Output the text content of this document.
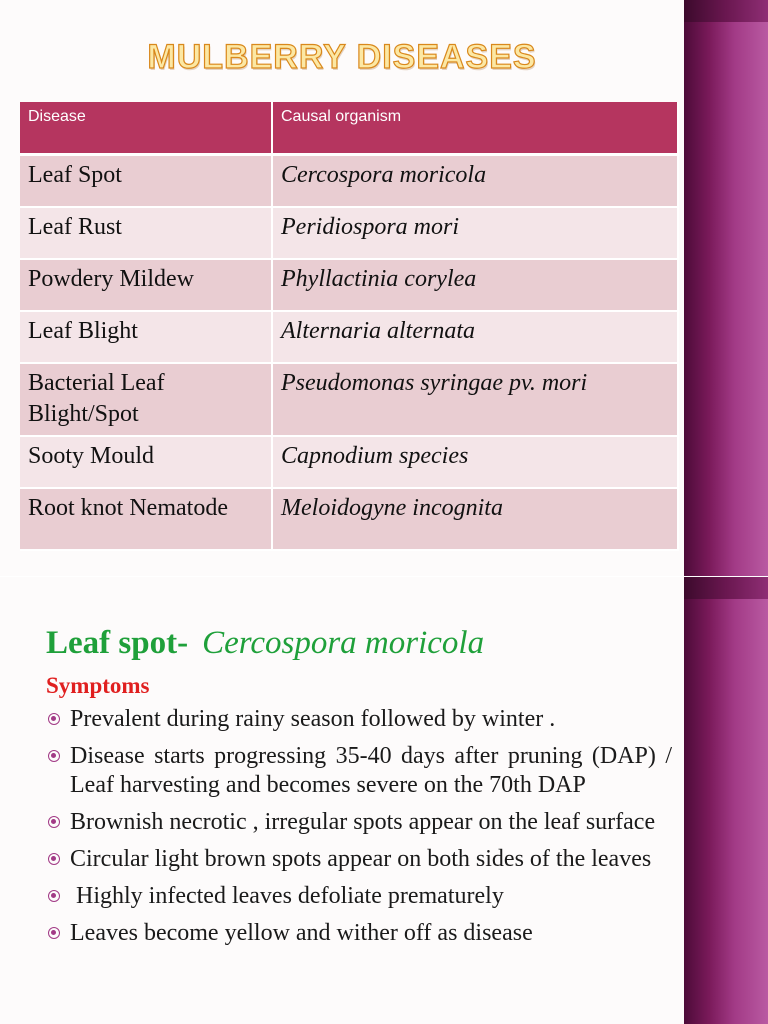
MULBERRY DISEASES
Disease	Causal organism
Leaf Spot	Cercospora moricola
Leaf Rust	Peridiospora mori
Powdery Mildew	Phyllactinia corylea
Leaf Blight	Alternaria alternata
Bacterial Leaf Blight/Spot	Pseudomonas syringae pv. mori
Sooty Mould	Capnodium species
Root knot Nematode	Meloidogyne incognita
Leaf spot- Cercospora moricola
Symptoms
Prevalent during rainy season followed by winter .
Disease starts progressing 35-40 days after pruning (DAP) / Leaf harvesting and becomes severe on the 70th DAP
Brownish necrotic , irregular spots appear on the leaf surface
Circular light brown spots appear on both sides of the leaves
Highly infected leaves defoliate prematurely
Leaves become yellow and wither off as disease
